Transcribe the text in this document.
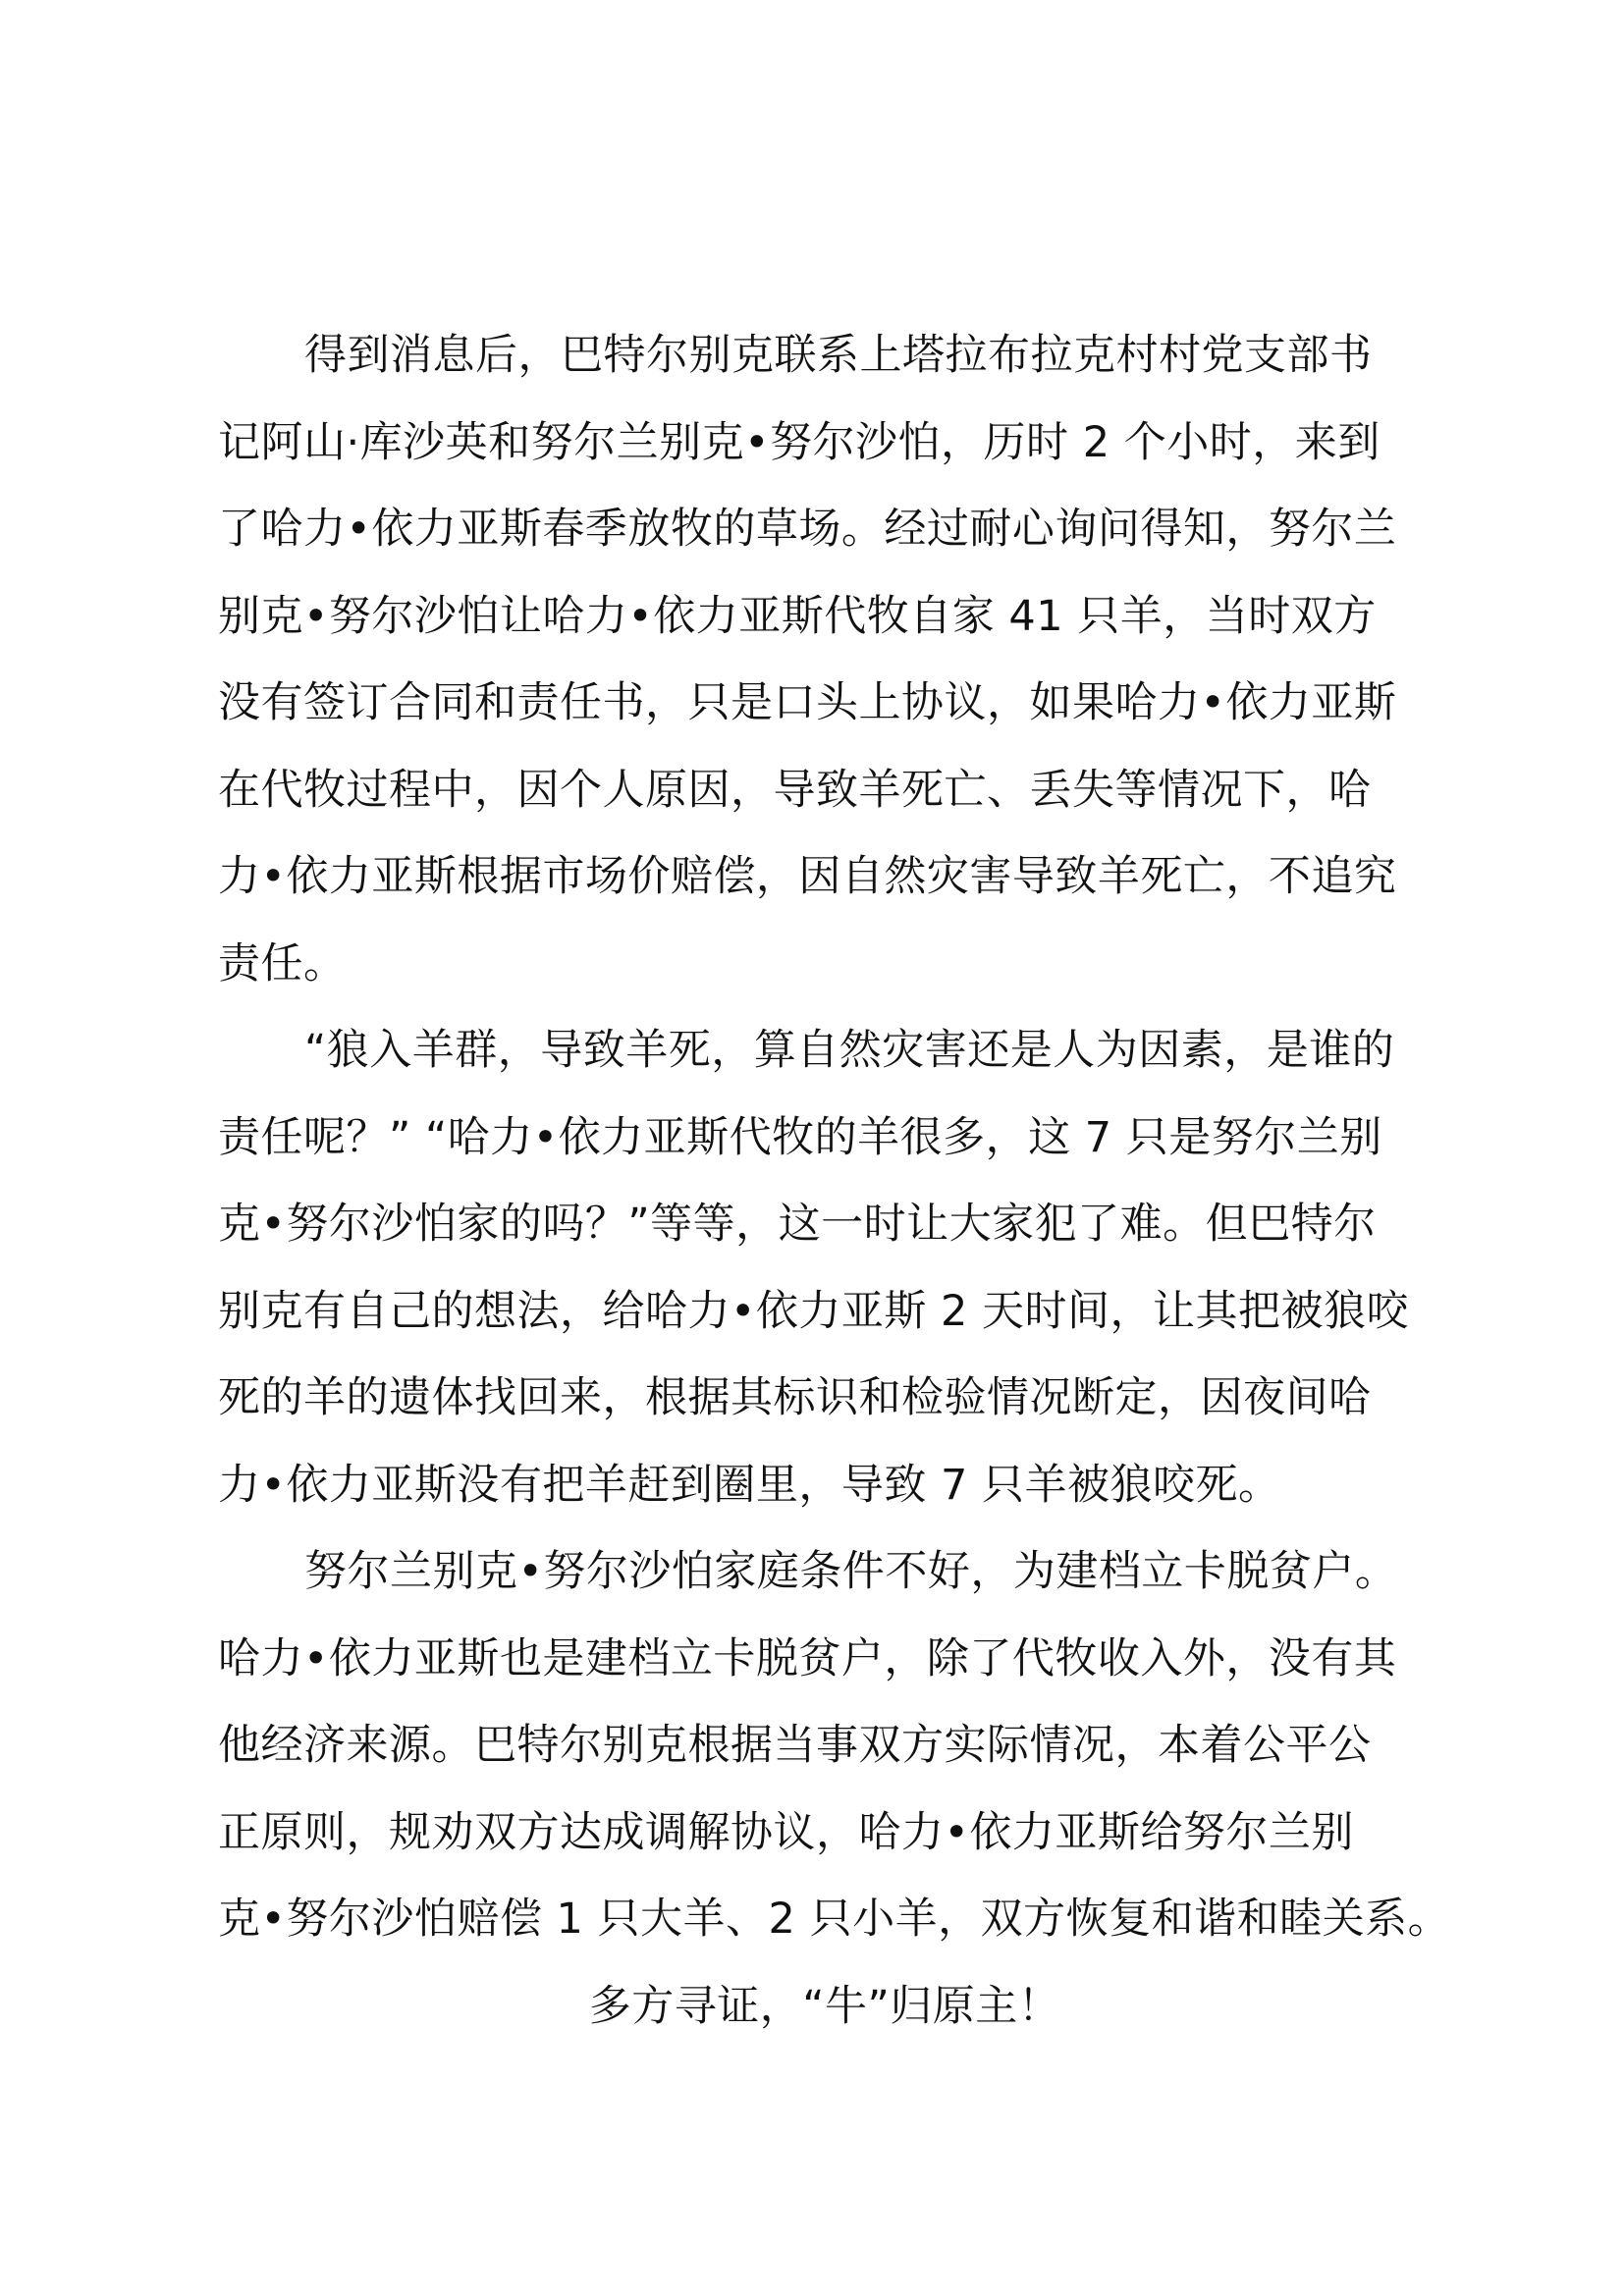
得到消息后，巴特尔别克联系上塔拉布拉克村村党支部书
记阿山·库沙英和努尔兰别克•努尔沙怕，历时 2 个小时，来到
了哈力•依力亚斯春季放牧的草场。经过耐心询问得知，努尔兰
别克•努尔沙怕让哈力•依力亚斯代牧自家 41 只羊，当时双方
没有签订合同和责任书，只是口头上协议，如果哈力•依力亚斯
在代牧过程中，因个人原因，导致羊死亡、丢失等情况下，哈
力•依力亚斯根据市场价赔偿，因自然灾害导致羊死亡，不追究
责任。
“狼入羊群，导致羊死，算自然灾害还是人为因素，是谁的
责任呢？” “哈力•依力亚斯代牧的羊很多，这 7 只是努尔兰别
克•努尔沙怕家的吗？”等等，这一时让大家犯了难。但巴特尔
别克有自己的想法，给哈力•依力亚斯 2 天时间，让其把被狼咬
死的羊的遗体找回来，根据其标识和检验情况断定，因夜间哈
力•依力亚斯没有把羊赶到圈里，导致 7 只羊被狼咬死。
努尔兰别克•努尔沙怕家庭条件不好，为建档立卡脱贫户。
哈力•依力亚斯也是建档立卡脱贫户，除了代牧收入外，没有其
他经济来源。巴特尔别克根据当事双方实际情况，本着公平公
正原则，规劝双方达成调解协议，哈力•依力亚斯给努尔兰别
克•努尔沙怕赔偿 1 只大羊、2 只小羊，双方恢复和谐和睦关系。
多方寻证，“牛”归原主！
